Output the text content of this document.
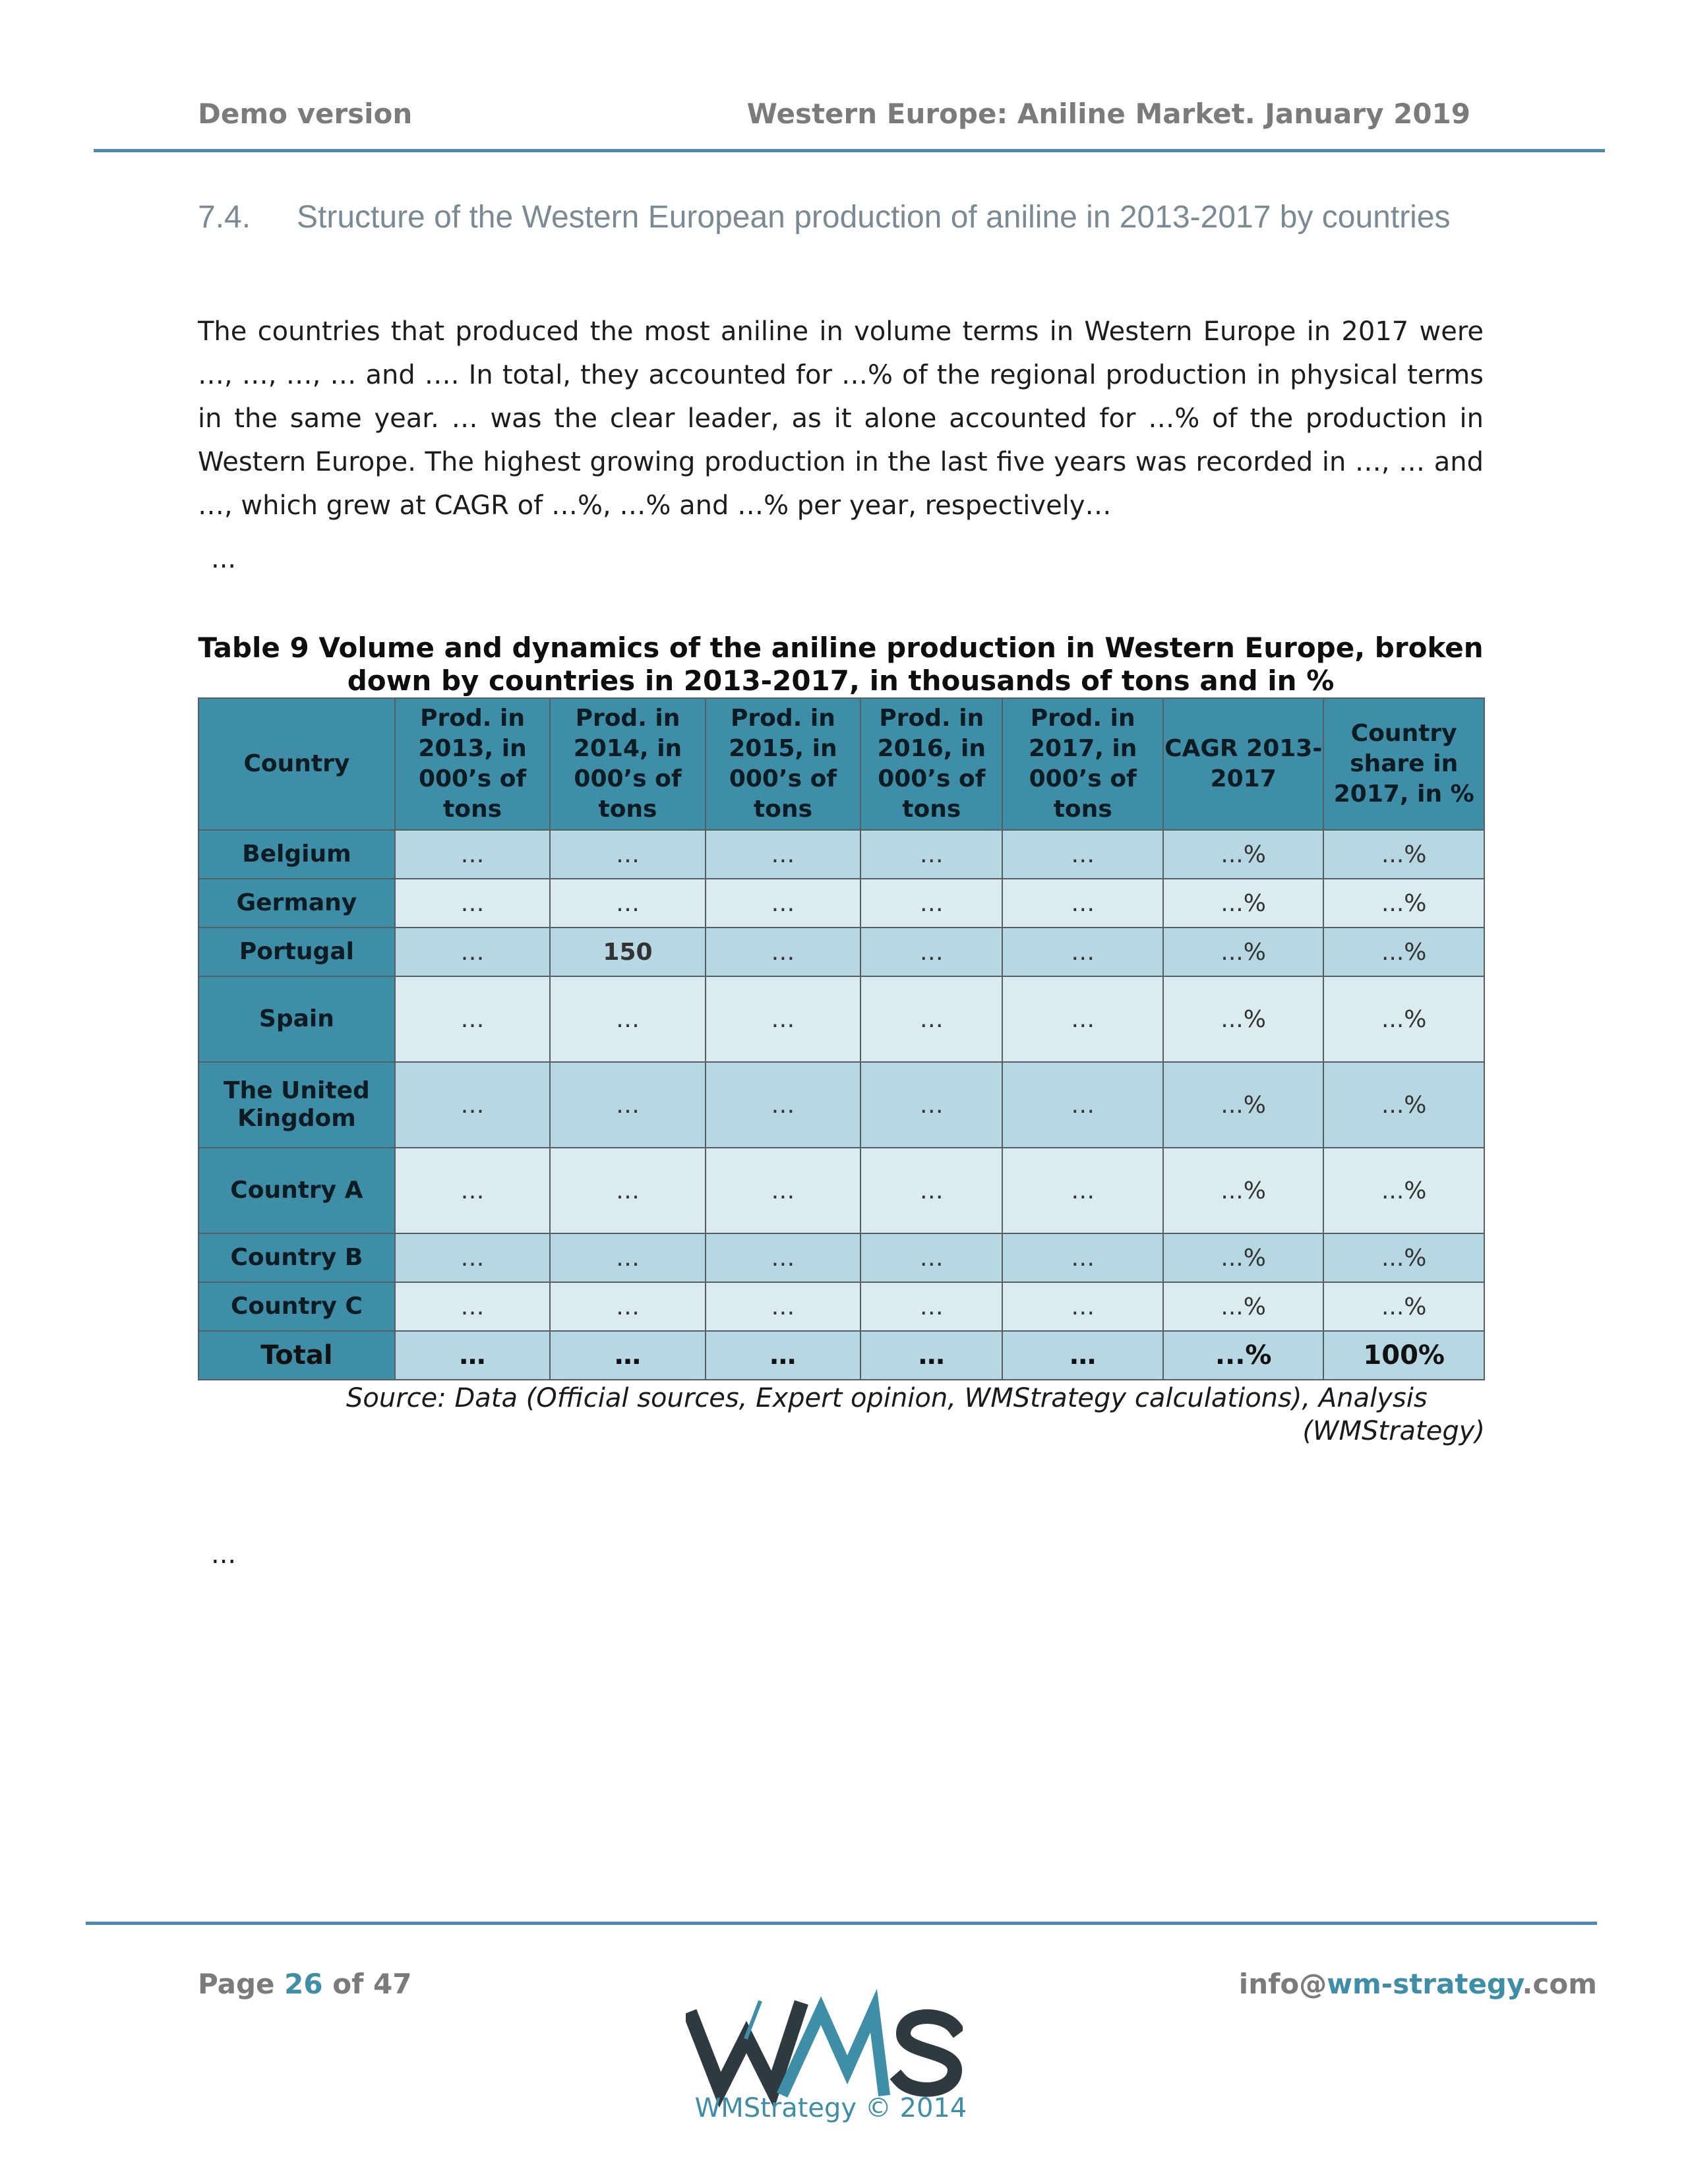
Demo version	Western Europe: Aniline Market. January 2019
7.4. Structure of the Western European production of aniline in 2013-2017 by countries
The countries that produced the most aniline in volume terms in Western Europe in 2017 were …, …, …, … and …. In total, they accounted for …% of the regional production in physical terms in the same year. … was the clear leader, as it alone accounted for …% of the production in Western Europe. The highest growing production in the last five years was recorded in …, … and …, which grew at CAGR of …%, …% and …% per year, respectively…
...
Table 9 Volume and dynamics of the aniline production in Western Europe, broken down by countries in 2013-2017, in thousands of tons and in %
Country	Prod. in 2013, in 000’s of tons	Prod. in 2014, in 000’s of tons	Prod. in 2015, in 000’s of tons	Prod. in 2016, in 000’s of tons	Prod. in 2017, in 000’s of tons	CAGR 2013-2017	Country share in 2017, in %
Belgium	…	…	…	…	…	...%	...%
Germany	…	…	…	…	…	...%	...%
Portugal	…	150	…	…	…	...%	...%
Spain	…	…	…	…	…	...%	...%
The United Kingdom	…	…	…	…	…	...%	...%
Country A	…	…	…	…	…	...%	...%
Country B	…	…	…	…	…	...%	...%
Country C	…	…	…	…	…	...%	...%
Total	…	…	…	…	…	...%	100%
Source: Data (Official sources, Expert opinion, WMStrategy calculations), Analysis
(WMStrategy)
...
Page 26 of 47	info@wm-strategy.com
WMStrategy © 2014
